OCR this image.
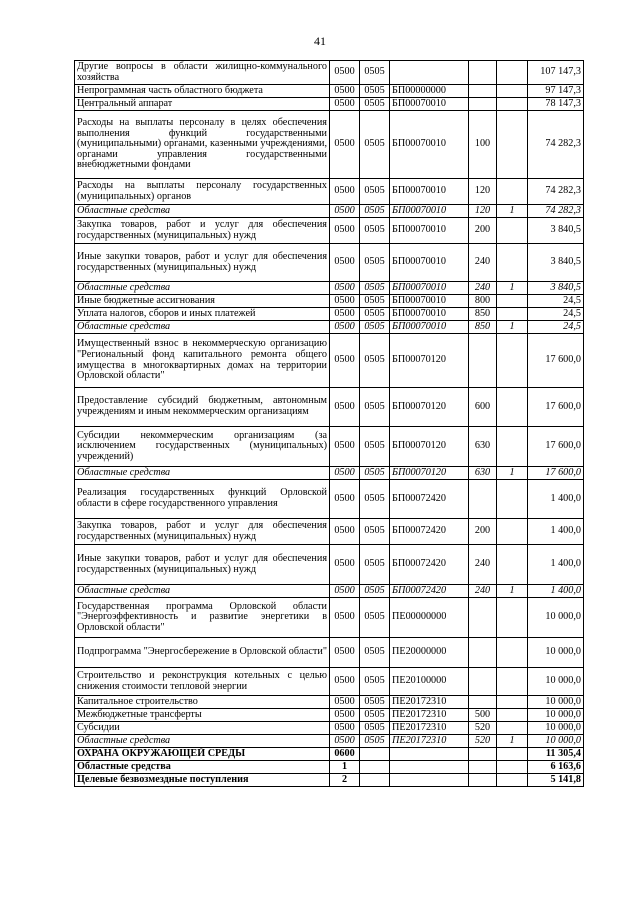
41
Другие вопросы в области жилищно-коммунального хозяйства	0500	0505				107 147,3
Непрограммная часть областного бюджета	0500	0505	БП00000000			97 147,3
Центральный аппарат	0500	0505	БП00070010			78 147,3
Расходы на выплаты персоналу в целях обеспечения выполнения функций государственными (муниципальными) органами, казенными учреждениями, органами управления государственными внебюджетными фондами	0500	0505	БП00070010	100		74 282,3
Расходы на выплаты персоналу государственных (муниципальных) органов	0500	0505	БП00070010	120		74 282,3
Областные средства	0500	0505	БП00070010	120	1	74 282,3
Закупка товаров, работ и услуг для обеспечения государственных (муниципальных) нужд	0500	0505	БП00070010	200		3 840,5
Иные закупки товаров, работ и услуг для обеспечения государственных (муниципальных) нужд	0500	0505	БП00070010	240		3 840,5
Областные средства	0500	0505	БП00070010	240	1	3 840,5
Иные бюджетные ассигнования	0500	0505	БП00070010	800		24,5
Уплата налогов, сборов и иных платежей	0500	0505	БП00070010	850		24,5
Областные средства	0500	0505	БП00070010	850	1	24,5
Имущественный взнос в некоммерческую организацию "Региональный фонд капитального ремонта общего имущества в многоквартирных домах на территории Орловской области"	0500	0505	БП00070120			17 600,0
Предоставление субсидий бюджетным, автономным учреждениям и иным некоммерческим организациям	0500	0505	БП00070120	600		17 600,0
Субсидии некоммерческим организациям (за исключением государственных (муниципальных) учреждений)	0500	0505	БП00070120	630		17 600,0
Областные средства	0500	0505	БП00070120	630	1	17 600,0
Реализация государственных функций Орловской области в сфере государственного управления	0500	0505	БП00072420			1 400,0
Закупка товаров, работ и услуг для обеспечения государственных (муниципальных) нужд	0500	0505	БП00072420	200		1 400,0
Иные закупки товаров, работ и услуг для обеспечения государственных (муниципальных) нужд	0500	0505	БП00072420	240		1 400,0
Областные средства	0500	0505	БП00072420	240	1	1 400,0
Государственная программа Орловской области "Энергоэффективность и развитие энергетики в Орловской области"	0500	0505	ПЕ00000000			10 000,0
Подпрограмма "Энергосбережение в Орловской области"	0500	0505	ПЕ20000000			10 000,0
Строительство и реконструкция котельных с целью снижения стоимости тепловой энергии	0500	0505	ПЕ20100000			10 000,0
Капитальное строительство	0500	0505	ПЕ20172310			10 000,0
Межбюджетные трансферты	0500	0505	ПЕ20172310	500		10 000,0
Субсидии	0500	0505	ПЕ20172310	520		10 000,0
Областные средства	0500	0505	ПЕ20172310	520	1	10 000,0
ОХРАНА ОКРУЖАЮЩЕЙ СРЕДЫ	0600					11 305,4
Областные средства	1					6 163,6
Целевые безвозмездные поступления	2					5 141,8
